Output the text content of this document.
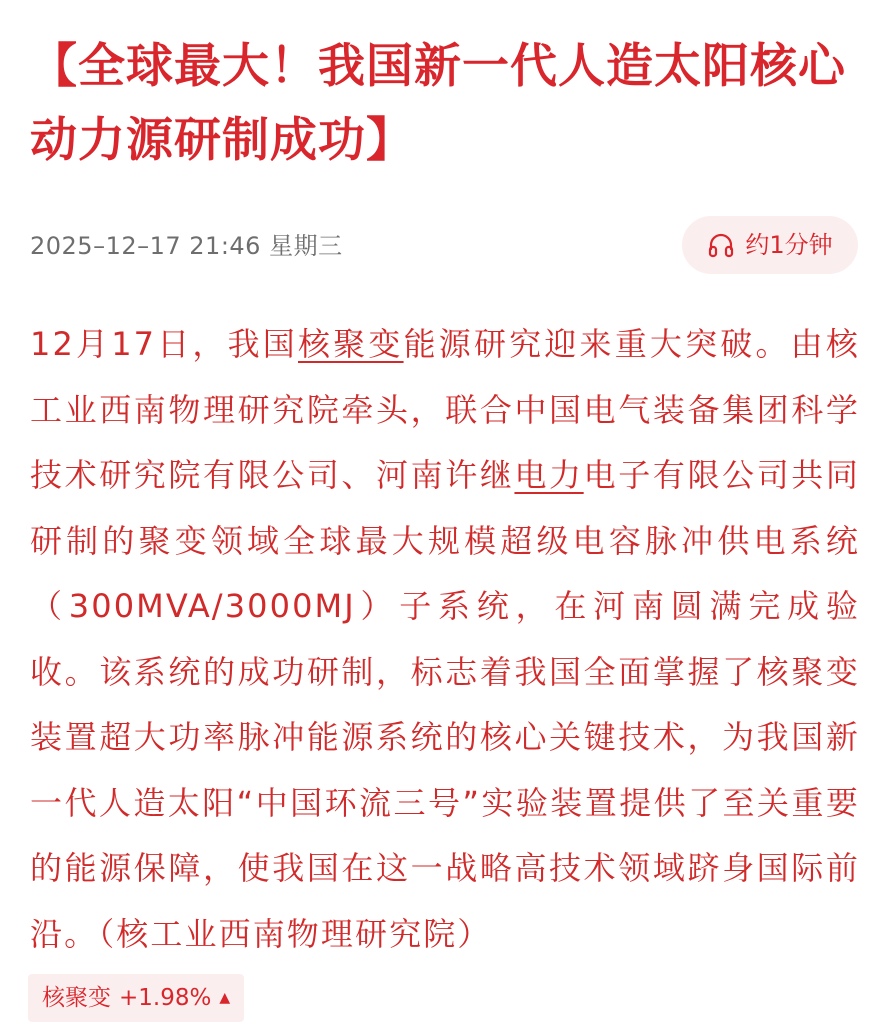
【全球最大！我国新一代人造太阳核心动力源研制成功】
2025–12–17 21:46 星期三	约1分钟

12月17日，我国核聚变能源研究迎来重大突破。由核工业西南物理研究院牵头，联合中国电气装备集团科学技术研究院有限公司、河南许继电力电子有限公司共同研制的聚变领域全球最大规模超级电容脉冲供电系统（300MVA/3000MJ）子系统，在河南圆满完成验收。该系统的成功研制，标志着我国全面掌握了核聚变装置超大功率脉冲能源系统的核心关键技术，为我国新一代人造太阳“中国环流三号”实验装置提供了至关重要的能源保障，使我国在这一战略高技术领域跻身国际前沿。（核工业西南物理研究院）

核聚变 +1.98% ▲
